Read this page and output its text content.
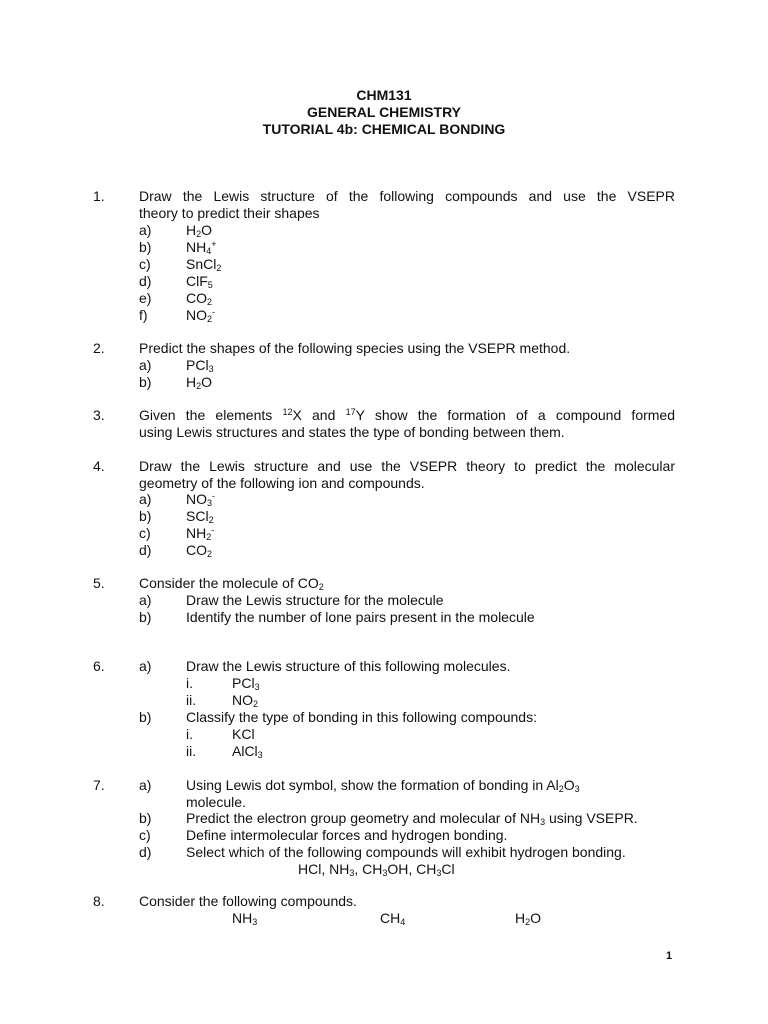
CHM131
GENERAL CHEMISTRY
TUTORIAL 4b: CHEMICAL BONDING
1. Draw the Lewis structure of the following compounds and use the VSEPR
theory to predict their shapes
a) $H_2O$
b) $NH_4^+$
c)	SnCl$_2$
d) ClF$_5$
e) $CO_2$
f)	$NO_2^-$
2. Predict the shapes of the following species using the VSEPR method.
a) PCl$_3$
b) $H_2O$
3. Given the elements $^{12}$X and $^{17}$Y show the formation of a compound formed
using Lewis structures and states the type of bonding between them.
4. Draw the Lewis structure and use the VSEPR theory to predict the molecular
geometry of the following ion and compounds.
a) $NO_3^-$
b) SCl$_2$
c)	$NH_2^-$
d) $CO_2$
5. Consider the molecule of $CO_2$
a) Draw the Lewis structure for the molecule
b) Identify the number of lone pairs present in the molecule
6. a) Draw the Lewis structure of this following molecules.
i.	PCl$_3$
ii.	$NO_2$
b) Classify the type of bonding in this following compounds:
i.	KCl
ii.	AlCl$_3$
7. a) Using Lewis dot symbol, show the formation of bonding in $Al_2O_3$
molecule.
b) Predict the electron group geometry and molecular of $NH_3$ using VSEPR.
c)	Define intermolecular forces and hydrogen bonding.
d) Select which of the following compounds will exhibit hydrogen bonding.
HCl, $NH_3$, $CH_3OH$, $CH_3Cl$
8. Consider the following compounds.
$NH_3$	$CH_4$	$H_2O$
1
